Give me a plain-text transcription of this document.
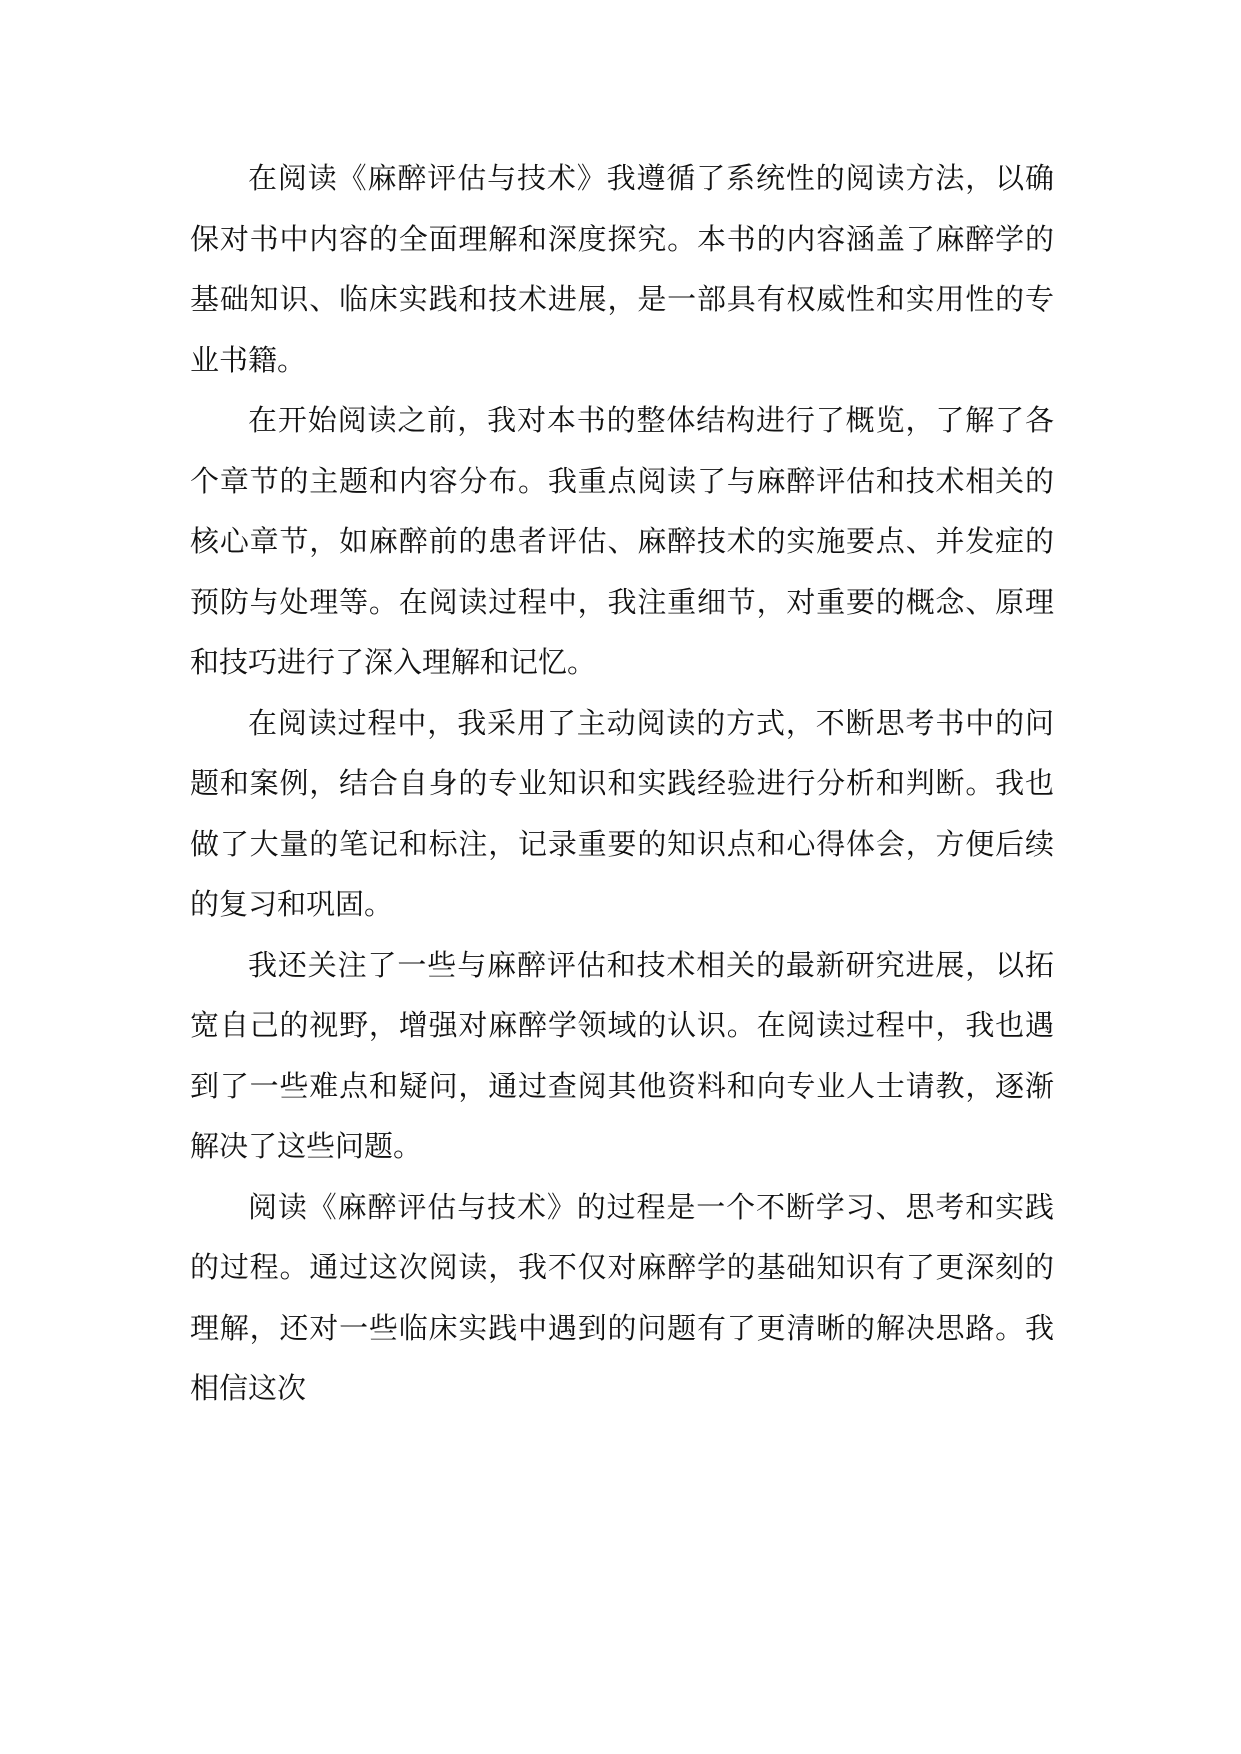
在阅读《麻醉评估与技术》我遵循了系统性的阅读方法，以确保对书中内容的全面理解和深度探究。本书的内容涵盖了麻醉学的基础知识、临床实践和技术进展，是一部具有权威性和实用性的专业书籍。

在开始阅读之前，我对本书的整体结构进行了概览，了解了各个章节的主题和内容分布。我重点阅读了与麻醉评估和技术相关的核心章节，如麻醉前的患者评估、麻醉技术的实施要点、并发症的预防与处理等。在阅读过程中，我注重细节，对重要的概念、原理和技巧进行了深入理解和记忆。

在阅读过程中，我采用了主动阅读的方式，不断思考书中的问题和案例，结合自身的专业知识和实践经验进行分析和判断。我也做了大量的笔记和标注，记录重要的知识点和心得体会，方便后续的复习和巩固。

我还关注了一些与麻醉评估和技术相关的最新研究进展，以拓宽自己的视野，增强对麻醉学领域的认识。在阅读过程中，我也遇到了一些难点和疑问，通过查阅其他资料和向专业人士请教，逐渐解决了这些问题。

阅读《麻醉评估与技术》的过程是一个不断学习、思考和实践的过程。通过这次阅读，我不仅对麻醉学的基础知识有了更深刻的理解，还对一些临床实践中遇到的问题有了更清晰的解决思路。我相信这次
